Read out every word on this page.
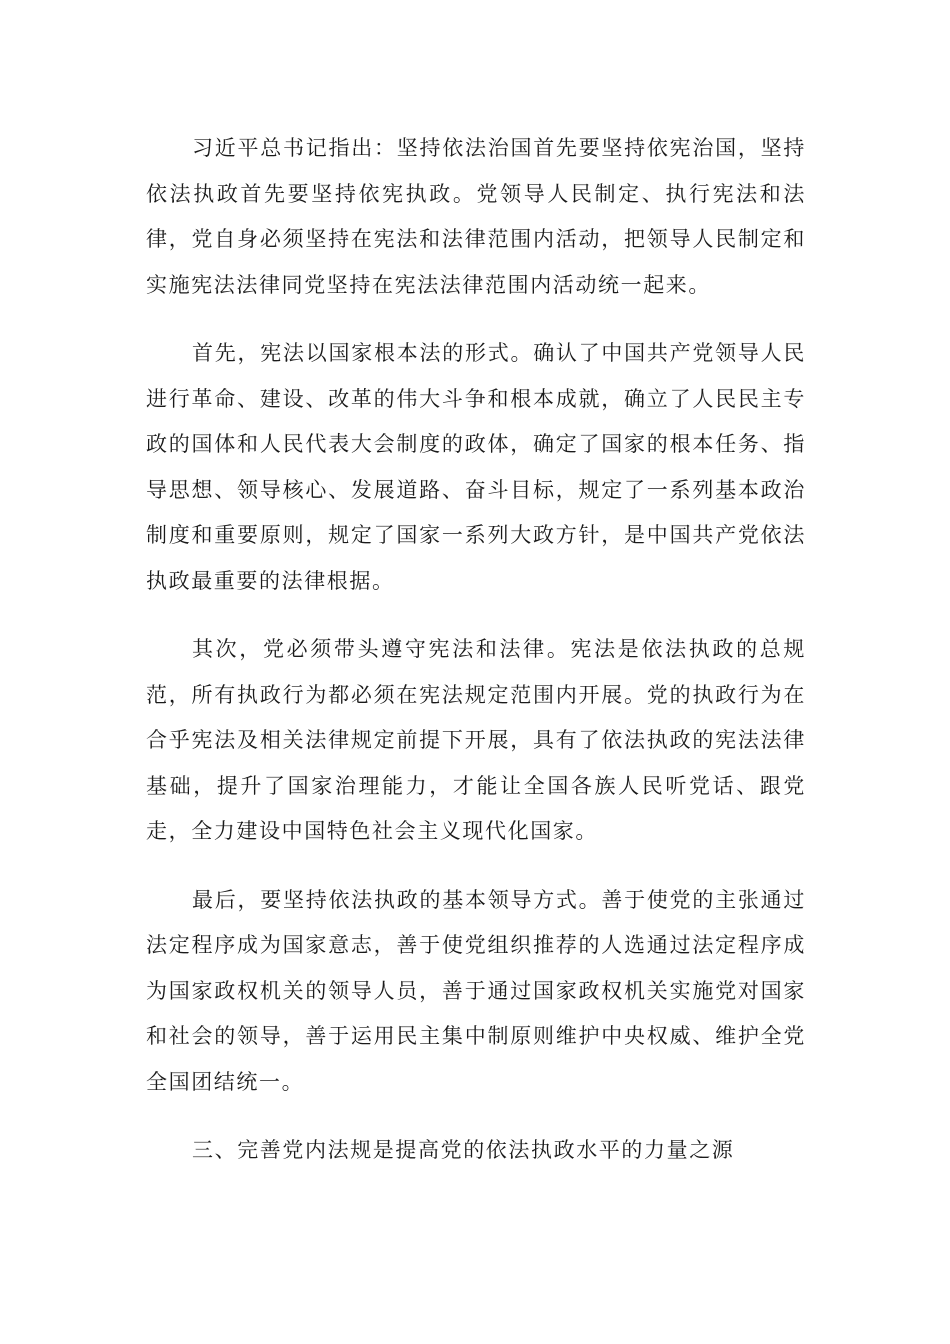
习近平总书记指出：坚持依法治国首先要坚持依宪治国，坚持依法执政首先要坚持依宪执政。党领导人民制定、执行宪法和法律，党自身必须坚持在宪法和法律范围内活动，把领导人民制定和实施宪法法律同党坚持在宪法法律范围内活动统一起来。

首先，宪法以国家根本法的形式。确认了中国共产党领导人民进行革命、建设、改革的伟大斗争和根本成就，确立了人民民主专政的国体和人民代表大会制度的政体，确定了国家的根本任务、指导思想、领导核心、发展道路、奋斗目标，规定了一系列基本政治制度和重要原则，规定了国家一系列大政方针，是中国共产党依法执政最重要的法律根据。

其次，党必须带头遵守宪法和法律。宪法是依法执政的总规范，所有执政行为都必须在宪法规定范围内开展。党的执政行为在合乎宪法及相关法律规定前提下开展，具有了依法执政的宪法法律基础，提升了国家治理能力，才能让全国各族人民听党话、跟党走，全力建设中国特色社会主义现代化国家。

最后，要坚持依法执政的基本领导方式。善于使党的主张通过法定程序成为国家意志，善于使党组织推荐的人选通过法定程序成为国家政权机关的领导人员，善于通过国家政权机关实施党对国家和社会的领导，善于运用民主集中制原则维护中央权威、维护全党全国团结统一。

三、完善党内法规是提高党的依法执政水平的力量之源
